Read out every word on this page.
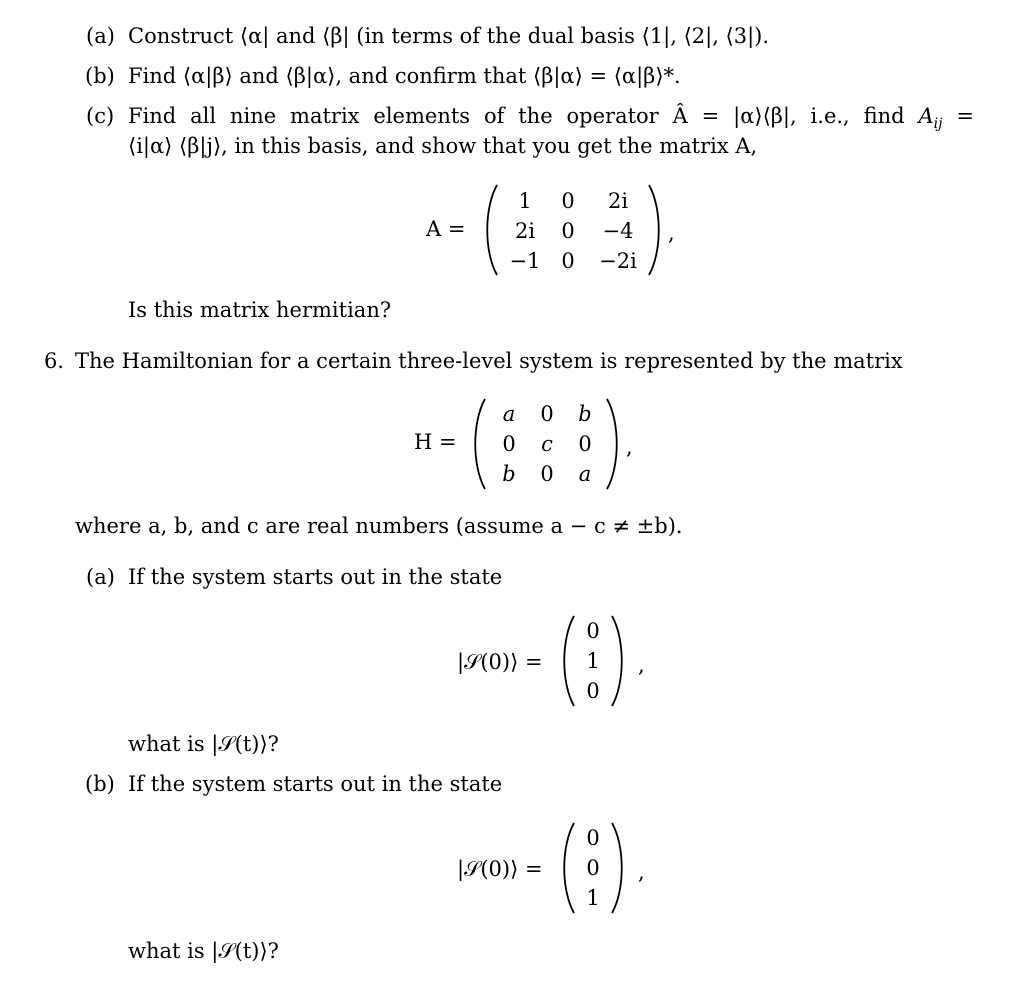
(a) Construct ⟨α| and ⟨β| (in terms of the dual basis ⟨1|, ⟨2|, ⟨3|).
(b) Find ⟨α|β⟩ and ⟨β|α⟩, and confirm that ⟨β|α⟩ = ⟨α|β⟩*.
(c) Find all nine matrix elements of the operator Â = |α⟩⟨β|, i.e., find $A_{ij}$ =
⟨i|α⟩ ⟨β|j⟩, in this basis, and show that you get the matrix A,
A =
1	0	2i
2i	0	−4
−1 0	−2i
,
Is this matrix hermitian?
6. The Hamiltonian for a certain three-level system is represented by the matrix
H =
a	0	b
0	c	0
b	0	a
,
where a, b, and c are real numbers (assume a − c ≠ ±b).
(a) If the system starts out in the state
|𝒮(0)⟩ =
0
1
0
,
what is |𝒮(t)⟩?
(b) If the system starts out in the state
|𝒮(0)⟩ =
0
0
1
,
what is |𝒮(t)⟩?
